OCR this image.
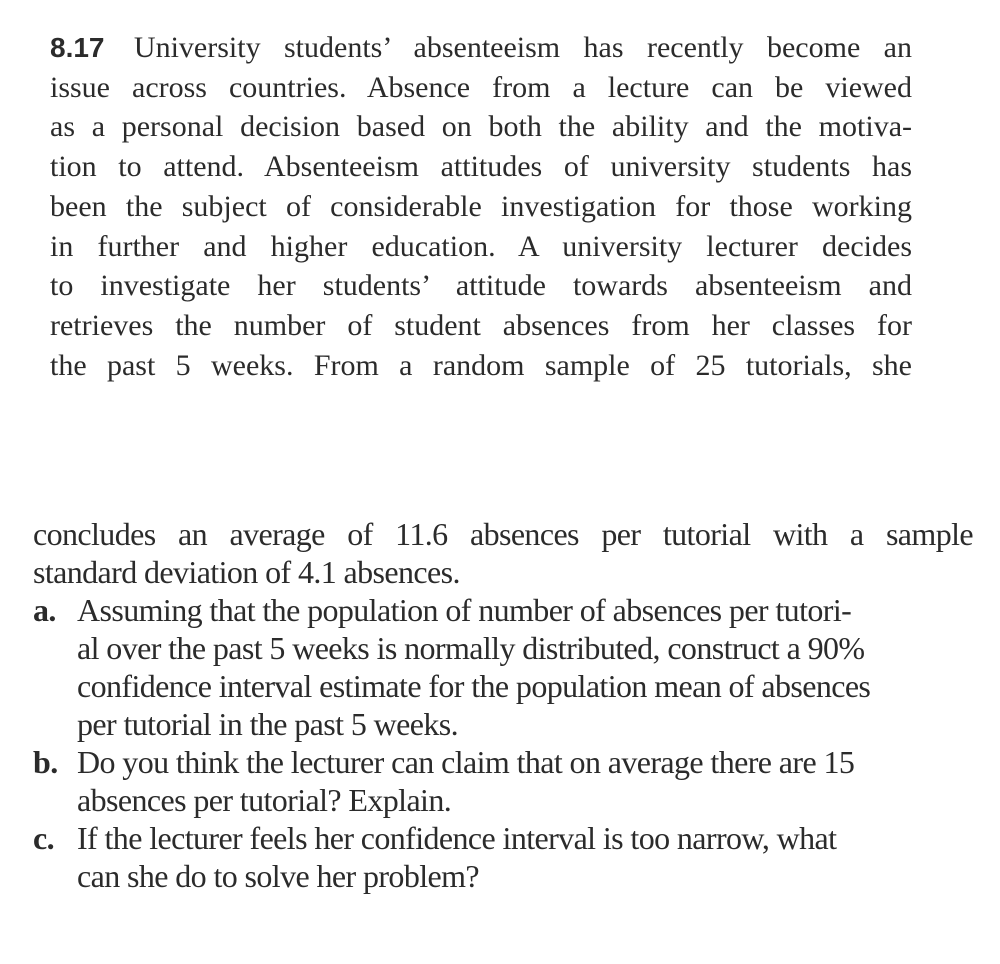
8.17 University students’ absenteeism has recently become an
issue across countries. Absence from a lecture can be viewed
as a personal decision based on both the ability and the motiva-
tion to attend. Absenteeism attitudes of university students has
been the subject of considerable investigation for those working
in further and higher education. A university lecturer decides
to investigate her students’ attitude towards absenteeism and
retrieves the number of student absences from her classes for
the past 5 weeks. From a random sample of 25 tutorials, she
concludes an average of 11.6 absences per tutorial with a sample
standard deviation of 4.1 absences.
a. Assuming that the population of number of absences per tutori-
al over the past 5 weeks is normally distributed, construct a 90%
confidence interval estimate for the population mean of absences
per tutorial in the past 5 weeks.
b. Do you think the lecturer can claim that on average there are 15
absences per tutorial? Explain.
c. If the lecturer feels her confidence interval is too narrow, what
can she do to solve her problem?
